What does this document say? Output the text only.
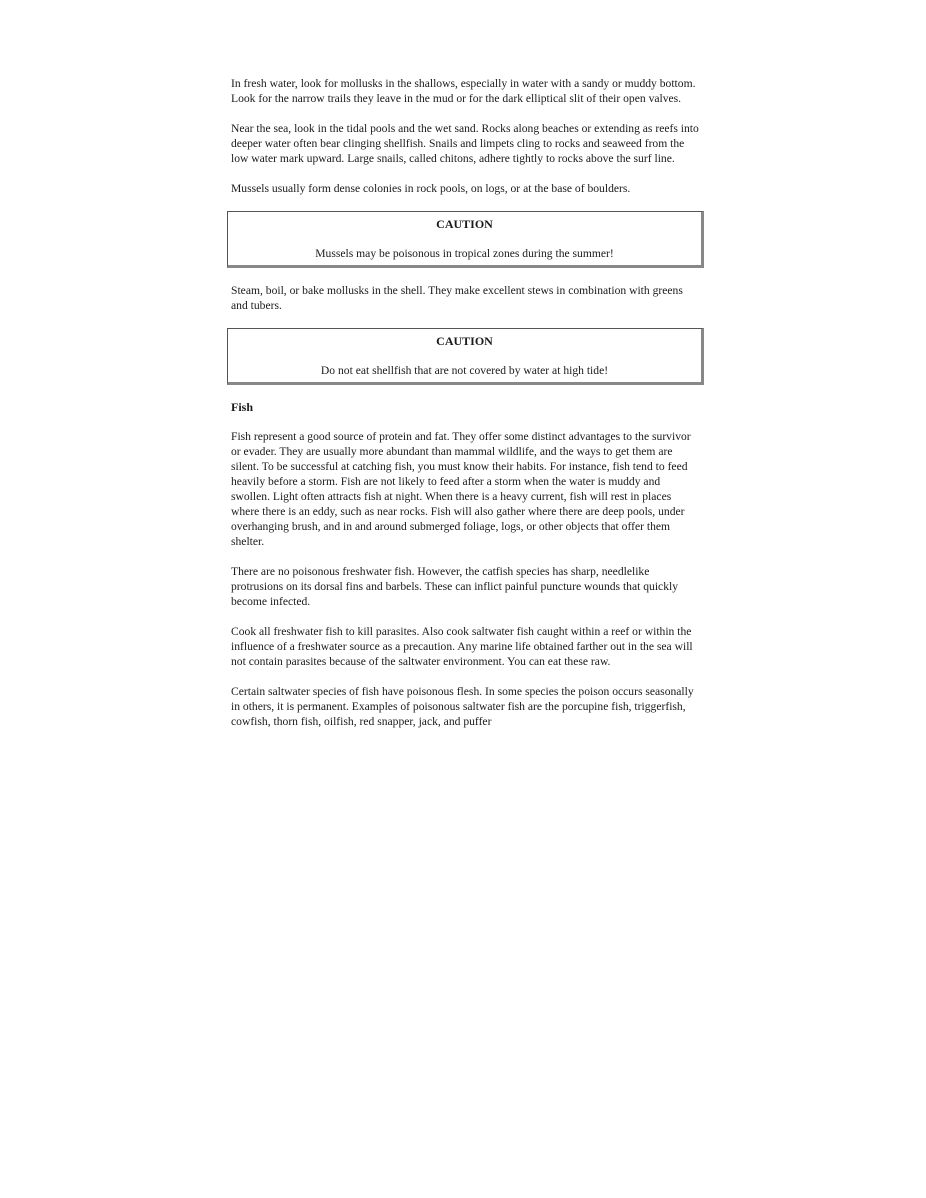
In fresh water, look for mollusks in the shallows, especially in water with a sandy or muddy bottom. Look for the narrow trails they leave in the mud or for the dark elliptical slit of their open valves.

Near the sea, look in the tidal pools and the wet sand. Rocks along beaches or extending as reefs into deeper water often bear clinging shellfish. Snails and limpets cling to rocks and seaweed from the low water mark upward. Large snails, called chitons, adhere tightly to rocks above the surf line.

Mussels usually form dense colonies in rock pools, on logs, or at the base of boulders.

CAUTION

Mussels may be poisonous in tropical zones during the summer!

Steam, boil, or bake mollusks in the shell. They make excellent stews in combination with greens and tubers.

CAUTION

Do not eat shellfish that are not covered by water at high tide!

Fish

Fish represent a good source of protein and fat. They offer some distinct advantages to the survivor or evader. They are usually more abundant than mammal wildlife, and the ways to get them are silent. To be successful at catching fish, you must know their habits. For instance, fish tend to feed heavily before a storm. Fish are not likely to feed after a storm when the water is muddy and swollen. Light often attracts fish at night. When there is a heavy current, fish will rest in places where there is an eddy, such as near rocks. Fish will also gather where there are deep pools, under overhanging brush, and in and around submerged foliage, logs, or other objects that offer them shelter.

There are no poisonous freshwater fish. However, the catfish species has sharp, needlelike protrusions on its dorsal fins and barbels. These can inflict painful puncture wounds that quickly become infected.

Cook all freshwater fish to kill parasites. Also cook saltwater fish caught within a reef or within the influence of a freshwater source as a precaution. Any marine life obtained farther out in the sea will not contain parasites because of the saltwater environment. You can eat these raw.

Certain saltwater species of fish have poisonous flesh. In some species the poison occurs seasonally in others, it is permanent. Examples of poisonous saltwater fish are the porcupine fish, triggerfish, cowfish, thorn fish, oilfish, red snapper, jack, and puffer
